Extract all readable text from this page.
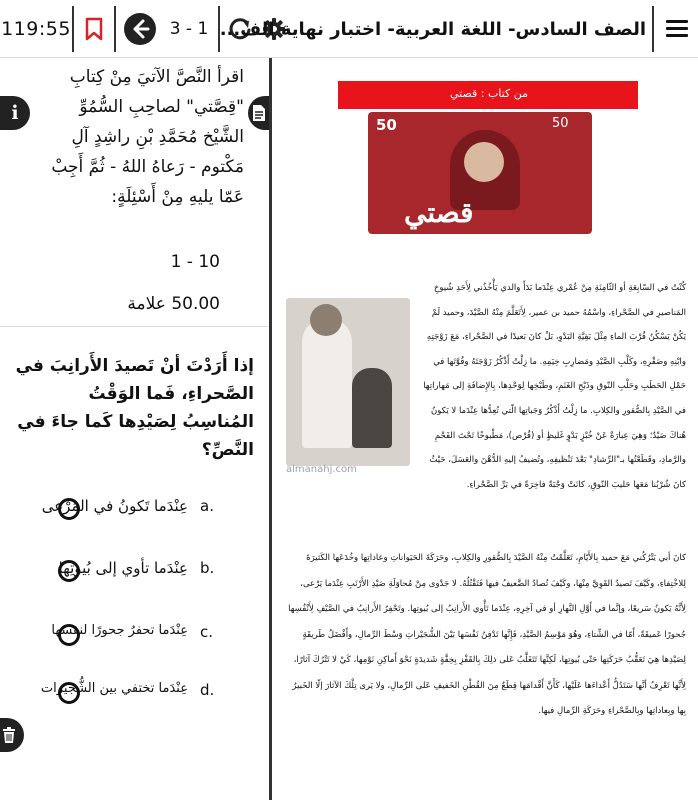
119:55	3 - 1 الصف السادس- اللغة العربية- اختبار نهاية الف...
i
اقرأ النَّصَّ الآتيَ مِنْ كِتابِ "قِصَّتي" لصاحِبِ السُّمُوِّ الشَّيْخ مُحَمَّدِ بْنِ راشِدٍ آلِ مَكْتوم - رَعاهُ اللهُ - ثُمَّ أَجِبْ عَمّا يليهِ مِنْ أَسْئِلَةٍ:
10 - 1
50.00 علامة
إذا أَرَدْتَ أنْ تَصيدَ الأَرانِبَ في الصَّحراءِ، فَما الوَقْتُ المُناسِبُ لِصَيْدِها كَما جاءَ في النَّصِّ؟
a.
عِنْدَما تَكونُ في المَرْعى
b.
عِنْدَما تأوي إلى بُيوتِها
c.
عِنْدَما تحفرُ جحورًا لنفسها
d.
عِنْدَما تختفي بين الشُّجيرات
من كتاب : قصتي
50	50
قصتي
كُنْتُ في السّابِعَةِ أو الثّامِنَةِ مِنْ عُمْري عِنْدَما بَدَأَ والدي يَأْخُذُني لِأَحَدِ شُيوخِ المَناصيرِ في الصَّحْراءِ، واسْمُهُ حميد بن عمير، لِأَتَعَلَّمَ مِنْهُ الصَّيْدَ، وحميد لَمْ يَكُنْ يَسْكُنُ قُرْبَ الماءِ مِثْلَ بَقِيَّةِ البَدْوِ، بَلْ كانَ بَعيدًا في الصَّحْراءِ، مَعَ زَوْجَتِهِ وابْنِهِ وصَقْرِهِ، وكَلْبِ الصَّيْدِ ومَضارِبِ خِيَمِهِ. ما زِلْتُ أَذْكُرُ زَوْجَتَهُ وقُوَّتَها في حَمْلِ الحَطَبِ وحَلْبِ النّوقِ وذَبْحِ الغَنَمِ، وطَبْخِها لِوَحْدِها، بِالإِضافَةِ إلى مَهاراتِها في الصَّيْدِ بِالصُّقورِ والكِلابِ. ما زِلْتُ أَذْكُرُ وَجَباتِها الّتي تُعِدُّها عِنْدَما لا يَكونُ هُناكَ صَيْدٌ؛ وَهِيَ عِبارَةٌ عَنْ خُبْزٍ بَدْوٍ غَليظٍ أو (قُرْص)، مَطْبوخًا تَحْتَ الفَحْمِ والرَّمادِ، وقَطَعْتُها بـ"الرِّشادِ" بَعْدَ تَنْظيفِهِ، وتُضيفُ إليهِ الدُّهْنَ والعَسَلَ، حَيْثُ كانَ شُرْبُنا مَعَها حَليبَ النّوقِ، كانَتْ وَجْبَةً فاخِرَةً في بَرِّ الصَّحْراءِ.
almanahj.com
كانَ أبي يَتْرُكُني مَعَ حميد بِالأَيّامِ، تَعَلَّمْتُ مِنْهُ الصَّيْدَ بِالصُّقورِ والكِلابِ، وحَرَكَةَ الحَيَواناتِ وعاداتِها وخُدَعَها الكَثيرَةَ لِلاخْتِفاءِ، وكَيْفَ تَصيدُ القَوِيَّ مِنْها، وكَيْفَ تُصادُ الضَّعيفُ فيها فَتَقْتُلُهُ. لا جَدْوى مِنْ مُحاوَلَةِ صَيْدِ الأَرْنَبِ عِنْدَما يَرْعى، لِأَنَّهُ يَكونُ سَريعًا، وإنَّما في أَوَّلِ النَّهارِ أو في آخِرِهِ، عِنْدَما تَأْوي الأَرانِبُ إلى بُيوتِها. وتَحْفِرُ الأَرانِبُ في الصَّيْفِ لِأَنْفُسِها جُحورًا عَميقَةً، أَمّا في الشِّتاءِ، وهُوَ مَوْسِمُ الصَّيْدِ، فَإِنَّها تَدْفِنُ نَفْسَها بَيْنَ الشُّجَيْراتِ وَسْطَ الرِّمالِ، وأَفْضَلُ طَريقَةٍ لِصَيْدِها هِيَ تَعَقُّبُ حَرَكَتِها حَتّى بُيوتِها، لَكِنَّها تَتَغَلَّبُ عَلى ذلِكَ بِالقَفْزِ بِخِفَّةٍ شَديدَةٍ نَحْوَ أَماكِنِ نَوْمِها، كَيْ لا تَتْرُكَ آثارًا، لِأَنَّها تَعْرِفُ أنَّها سَتَدُلُّ أَعْداءَها عَلَيْها، كَأَنَّ أَقْدامَها قِطَعٌ مِنَ القُطْنِ الخَفيفِ عَلى الرِّمالِ، ولا يَرى تِلْكَ الآثارَ إلّا الخَبيرُ بِها وبِعاداتِها وبِالصَّحْراءِ وحَرَكَةِ الرِّمالِ فيها.
